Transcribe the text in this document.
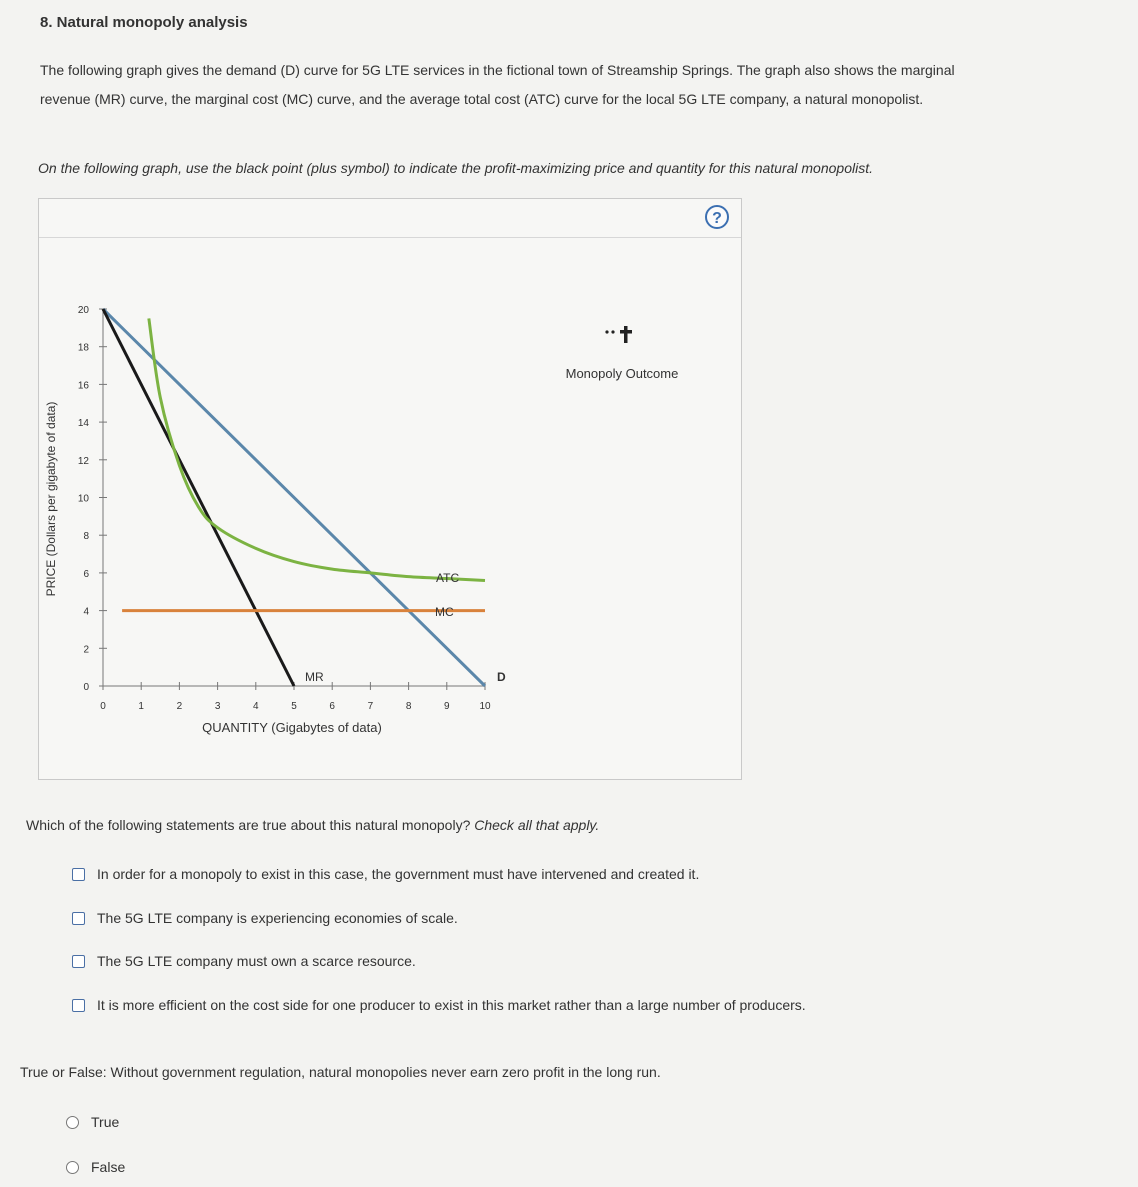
8. Natural monopoly analysis
The following graph gives the demand (D) curve for 5G LTE services in the fictional town of Streamship Springs. The graph also shows the marginal
revenue (MR) curve, the marginal cost (MC) curve, and the average total cost (ATC) curve for the local 5G LTE company, a natural monopolist.
On the following graph, use the black point (plus symbol) to indicate the profit-maximizing price and quantity for this natural monopolist.
?
0	1	2	3	4	5	6	7	8	9	10
0
2
4
6
8
10
12
14
16
18
20
ATC
MC
MR	D
QUANTITY (Gigabytes of data)
PRICE (Dollars per gigabyte of data)
Monopoly Outcome
Which of the following statements are true about this natural monopoly? Check all that apply.
In order for a monopoly to exist in this case, the government must have intervened and created it.
The 5G LTE company is experiencing economies of scale.
The 5G LTE company must own a scarce resource.
It is more efficient on the cost side for one producer to exist in this market rather than a large number of producers.
True or False: Without government regulation, natural monopolies never earn zero profit in the long run.
True
False
